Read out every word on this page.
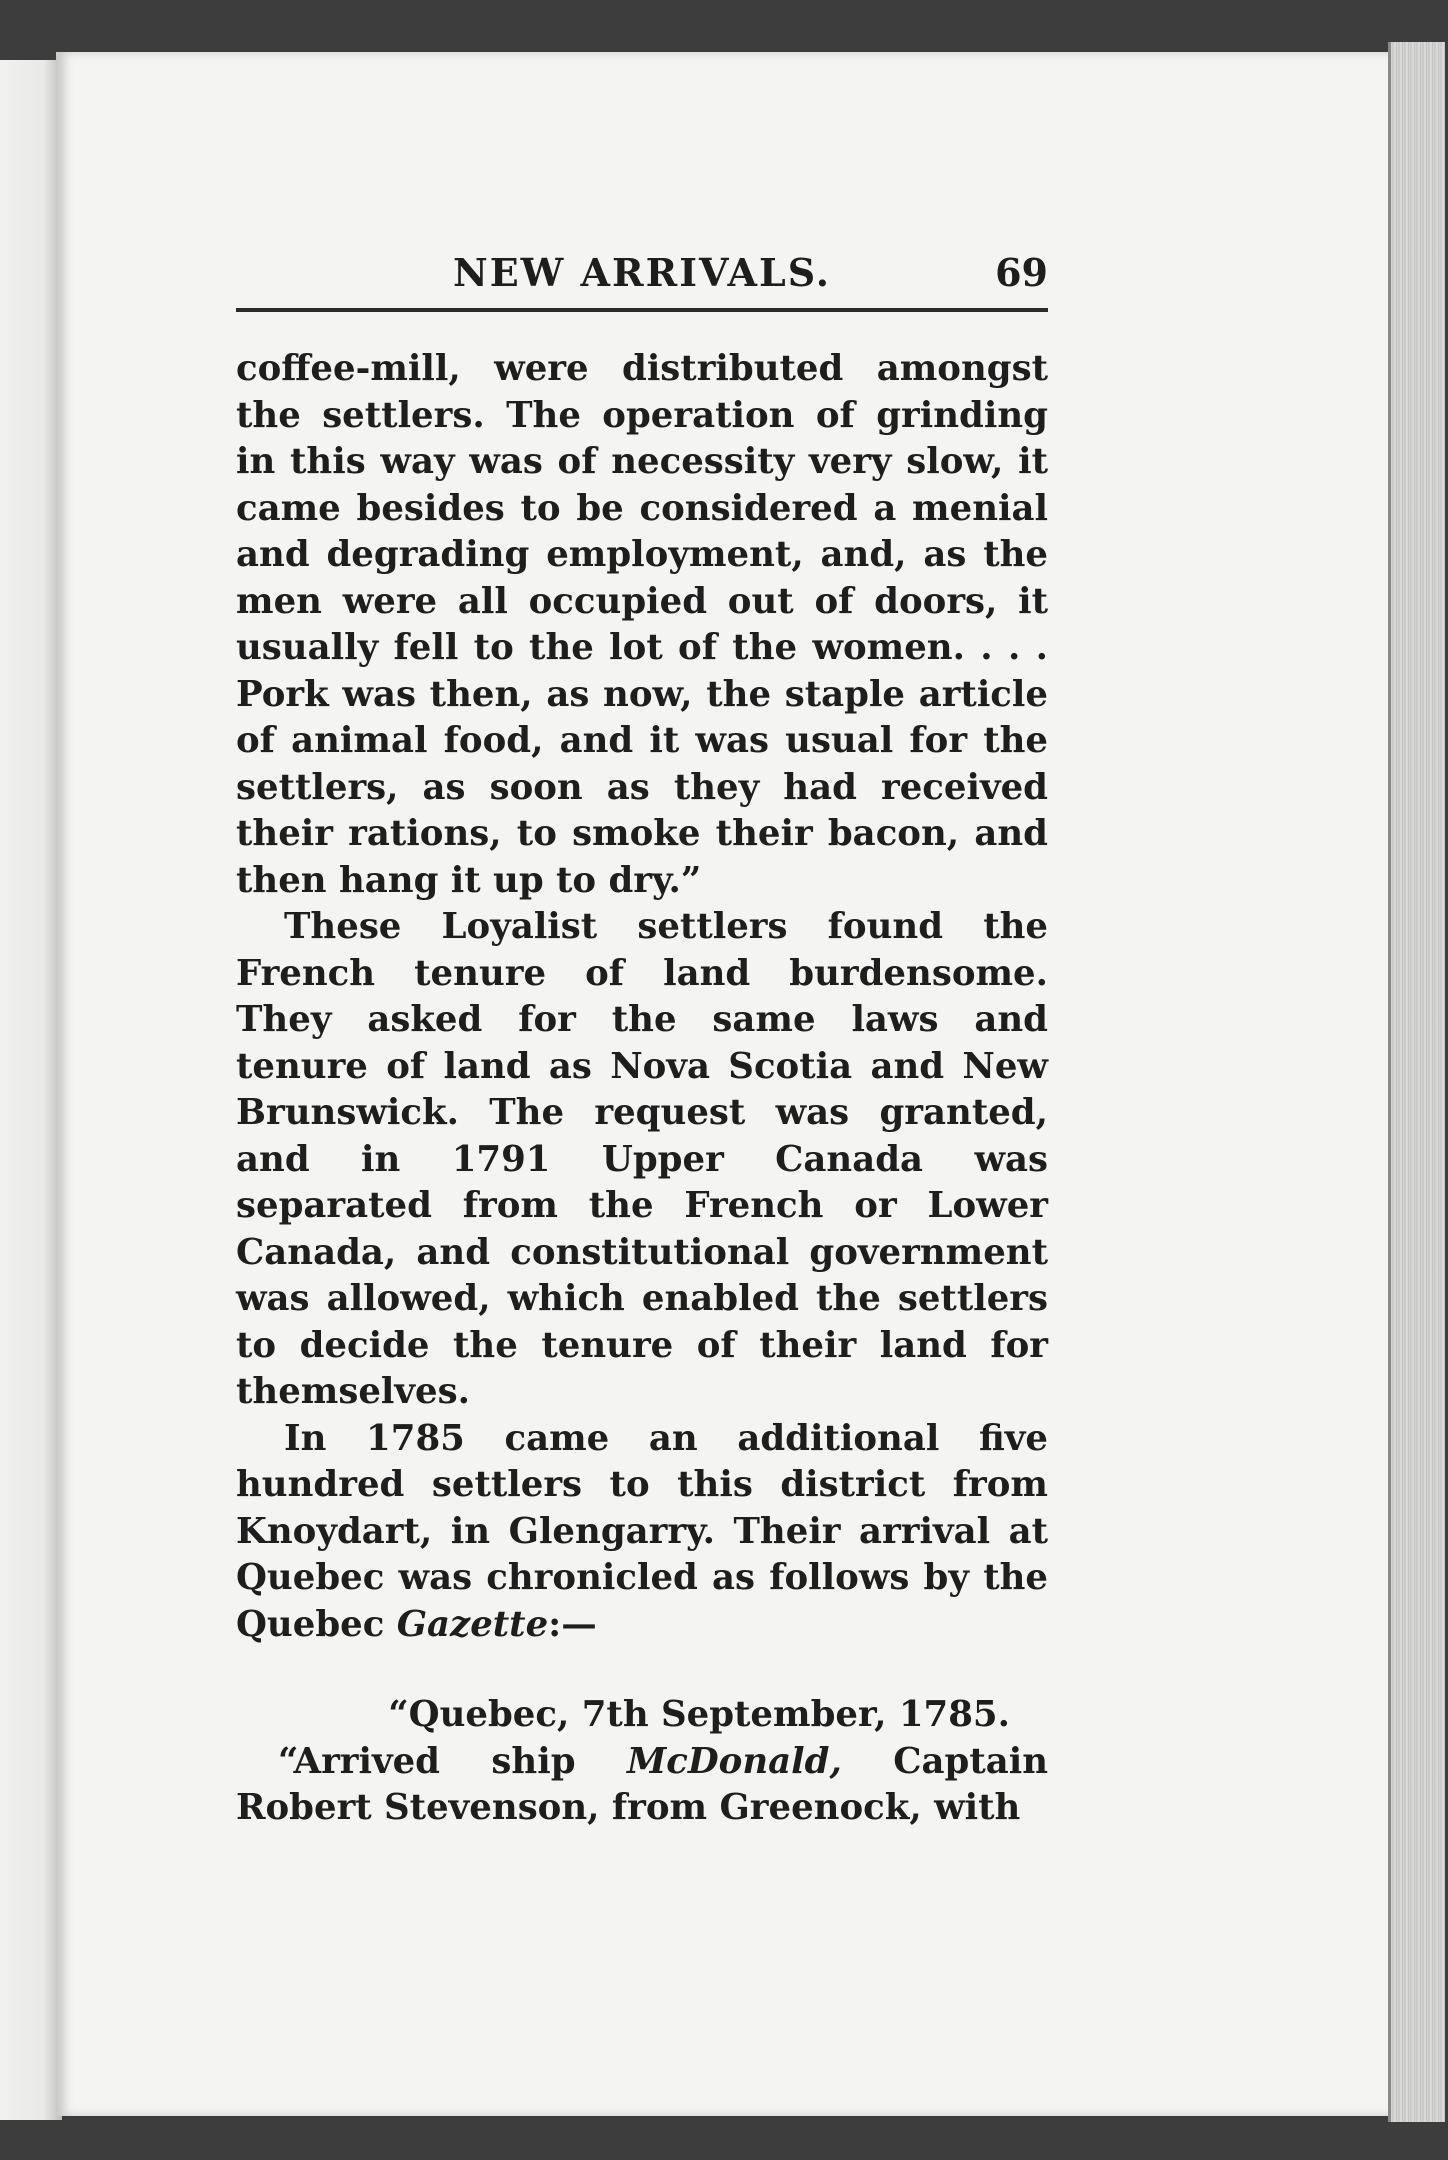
NEW ARRIVALS.	69

coffee-mill, were distributed amongst the settlers. The operation of grinding in this way was of necessity very slow, it came besides to be considered a menial and degrading employment, and, as the men were all occupied out of doors, it usually fell to the lot of the women. . . . Pork was then, as now, the staple article of animal food, and it was usual for the settlers, as soon as they had received their rations, to smoke their bacon, and then hang it up to dry.”

These Loyalist settlers found the French tenure of land burdensome. They asked for the same laws and tenure of land as Nova Scotia and New Brunswick. The request was granted, and in 1791 Upper Canada was separated from the French or Lower Canada, and constitutional government was allowed, which enabled the settlers to decide the tenure of their land for themselves.

In 1785 came an additional five hundred settlers to this district from Knoydart, in Glengarry. Their arrival at Quebec was chronicled as follows by the Quebec Gazette:—

“Quebec, 7th September, 1785.

“Arrived ship McDonald, Captain Robert Stevenson, from Greenock, with
